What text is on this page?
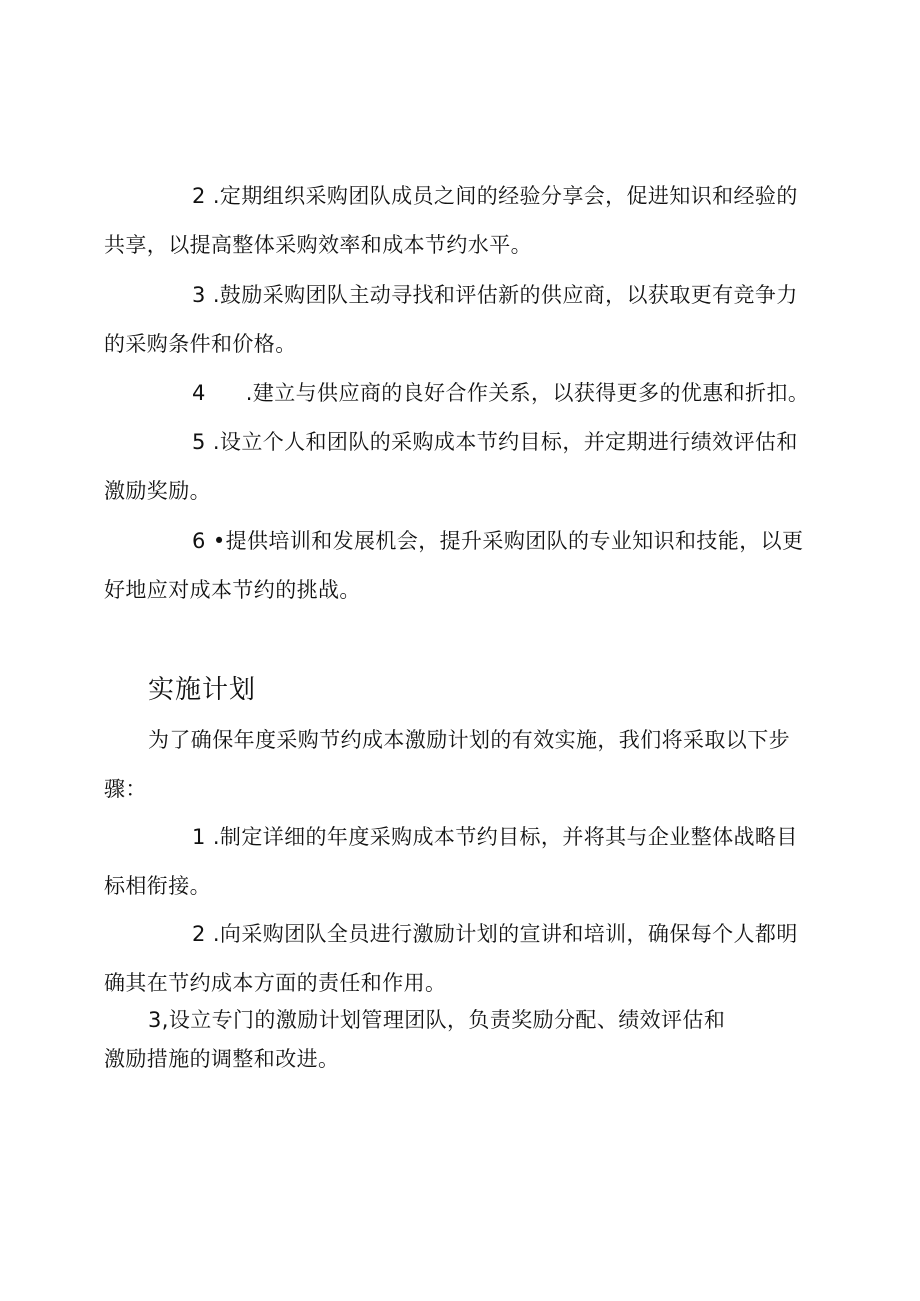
2 .定期组织采购团队成员之间的经验分享会，促进知识和经验的共享，以提高整体采购效率和成本节约水平。

3 .鼓励采购团队主动寻找和评估新的供应商，以获取更有竞争力的采购条件和价格。

4 .建立与供应商的良好合作关系，以获得更多的优惠和折扣。

5 .设立个人和团队的采购成本节约目标，并定期进行绩效评估和激励奖励。

6 •提供培训和发展机会，提升采购团队的专业知识和技能，以更好地应对成本节约的挑战。

实施计划

为了确保年度采购节约成本激励计划的有效实施，我们将采取以下步骤：

1 .制定详细的年度采购成本节约目标，并将其与企业整体战略目标相衔接。

2 .向采购团队全员进行激励计划的宣讲和培训，确保每个人都明确其在节约成本方面的责任和作用。

3,设立专门的激励计划管理团队，负责奖励分配、绩效评估和

激励措施的调整和改进。
